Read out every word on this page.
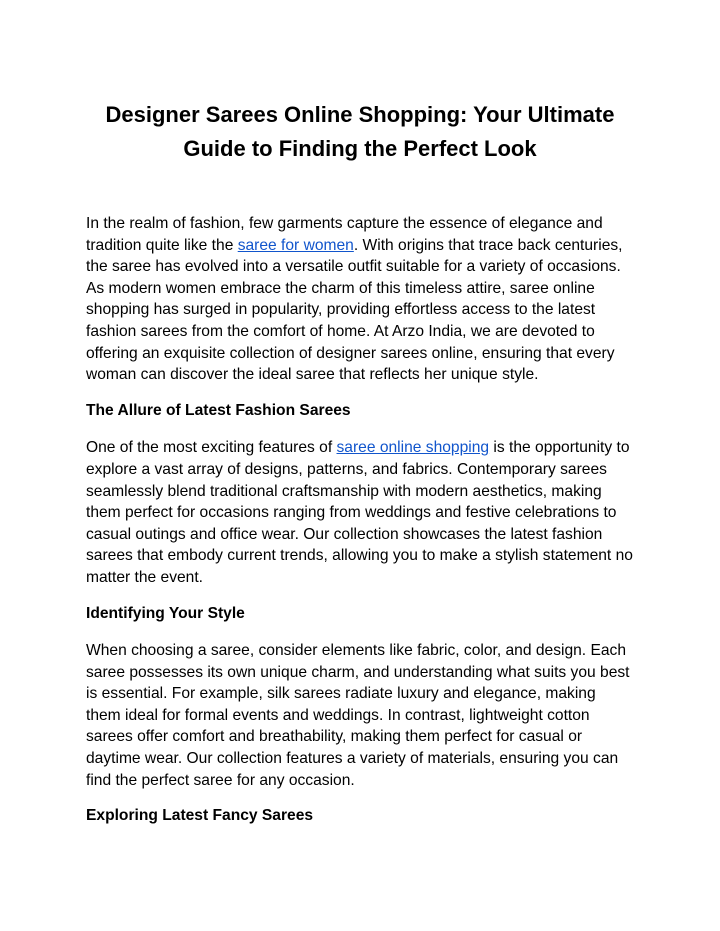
Designer Sarees Online Shopping: Your Ultimate Guide to Finding the Perfect Look

In the realm of fashion, few garments capture the essence of elegance and tradition quite like the saree for women. With origins that trace back centuries, the saree has evolved into a versatile outfit suitable for a variety of occasions. As modern women embrace the charm of this timeless attire, saree online shopping has surged in popularity, providing effortless access to the latest fashion sarees from the comfort of home. At Arzo India, we are devoted to offering an exquisite collection of designer sarees online, ensuring that every woman can discover the ideal saree that reflects her unique style.

The Allure of Latest Fashion Sarees

One of the most exciting features of saree online shopping is the opportunity to explore a vast array of designs, patterns, and fabrics. Contemporary sarees seamlessly blend traditional craftsmanship with modern aesthetics, making them perfect for occasions ranging from weddings and festive celebrations to casual outings and office wear. Our collection showcases the latest fashion sarees that embody current trends, allowing you to make a stylish statement no matter the event.

Identifying Your Style

When choosing a saree, consider elements like fabric, color, and design. Each saree possesses its own unique charm, and understanding what suits you best is essential. For example, silk sarees radiate luxury and elegance, making them ideal for formal events and weddings. In contrast, lightweight cotton sarees offer comfort and breathability, making them perfect for casual or daytime wear. Our collection features a variety of materials, ensuring you can find the perfect saree for any occasion.

Exploring Latest Fancy Sarees
